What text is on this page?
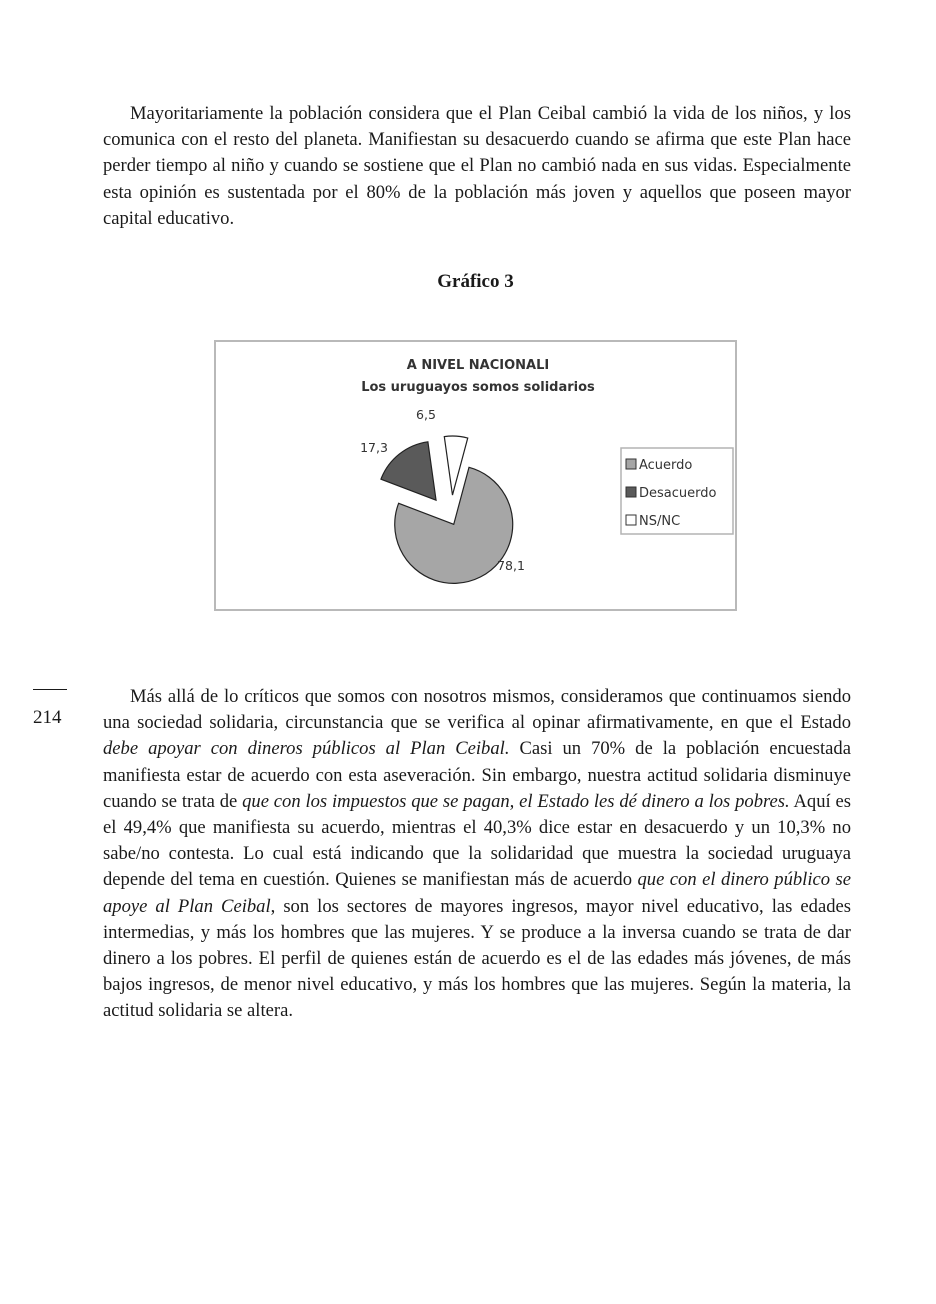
Mayoritariamente la población considera que el Plan Ceibal cambió la vida de los niños, y los comunica con el resto del planeta. Manifiestan su desacuerdo cuando se afirma que este Plan hace perder tiempo al niño y cuando se sostiene que el Plan no cambió nada en sus vidas. Especialmente esta opinión es sustentada por el 80% de la población más joven y aquellos que poseen mayor capital educativo.

Gráfico 3

A NIVEL NACIONALI
Los uruguayos somos solidarios
78,1
17,3
6,5
Acuerdo
Desacuerdo
NS/NC

214

Más allá de lo críticos que somos con nosotros mismos, consideramos que continuamos siendo una sociedad solidaria, circunstancia que se verifica al opinar afirmativamente, en que el Estado debe apoyar con dineros públicos al Plan Ceibal. Casi un 70% de la población encuestada manifiesta estar de acuerdo con esta aseveración. Sin embargo, nuestra actitud solidaria disminuye cuando se trata de que con los impuestos que se pagan, el Estado les dé dinero a los pobres. Aquí es el 49,4% que manifiesta su acuerdo, mientras el 40,3% dice estar en desacuerdo y un 10,3% no sabe/no contesta. Lo cual está indicando que la solidaridad que muestra la sociedad uruguaya depende del tema en cuestión. Quienes se manifiestan más de acuerdo que con el dinero público se apoye al Plan Ceibal, son los sectores de mayores ingresos, mayor nivel educativo, las edades intermedias, y más los hombres que las mujeres. Y se produce a la inversa cuando se trata de dar dinero a los pobres. El perfil de quienes están de acuerdo es el de las edades más jóvenes, de más bajos ingresos, de menor nivel educativo, y más los hombres que las mujeres. Según la materia, la actitud solidaria se altera.
